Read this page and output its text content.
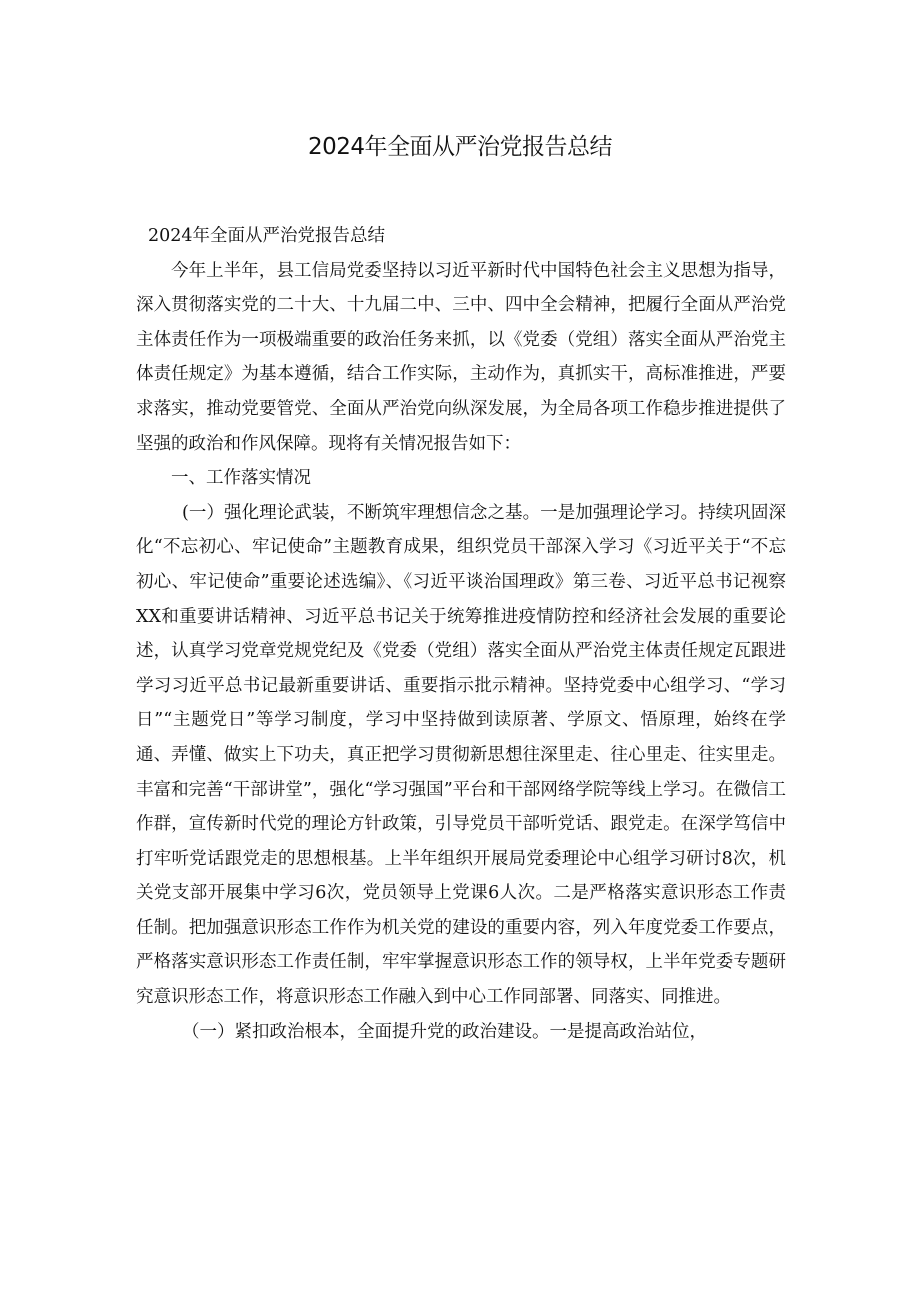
2024年全面从严治党报告总结

2024年全面从严治党报告总结

今年上半年，县工信局党委坚持以习近平新时代中国特色社会主义思想为指导，深入贯彻落实党的二十大、十九届二中、三中、四中全会精神，把履行全面从严治党主体责任作为一项极端重要的政治任务来抓，以《党委（党组）落实全面从严治党主体责任规定》为基本遵循，结合工作实际，主动作为，真抓实干，高标准推进，严要求落实，推动党要管党、全面从严治党向纵深发展，为全局各项工作稳步推进提供了坚强的政治和作风保障。现将有关情况报告如下：

一、工作落实情况

(一）强化理论武装，不断筑牢理想信念之基。一是加强理论学习。持续巩固深化“不忘初心、牢记使命”主题教育成果，组织党员干部深入学习《习近平关于“不忘初心、牢记使命”重要论述选编》、《习近平谈治国理政》第三卷、习近平总书记视察XX和重要讲话精神、习近平总书记关于统筹推进疫情防控和经济社会发展的重要论述，认真学习党章党规党纪及《党委（党组）落实全面从严治党主体责任规定瓦跟进学习习近平总书记最新重要讲话、重要指示批示精神。坚持党委中心组学习、“学习日”“主题党日”等学习制度，学习中坚持做到读原著、学原文、悟原理，始终在学通、弄懂、做实上下功夫，真正把学习贯彻新思想往深里走、往心里走、往实里走。丰富和完善“干部讲堂”，强化“学习强国”平台和干部网络学院等线上学习。在微信工作群，宣传新时代党的理论方针政策，引导党员干部听党话、跟党走。在深学笃信中打牢听党话跟党走的思想根基。上半年组织开展局党委理论中心组学习研讨8次，机关党支部开展集中学习6次，党员领导上党课6人次。二是严格落实意识形态工作责任制。把加强意识形态工作作为机关党的建设的重要内容，列入年度党委工作要点，严格落实意识形态工作责任制，牢牢掌握意识形态工作的领导权，上半年党委专题研究意识形态工作，将意识形态工作融入到中心工作同部署、同落实、同推进。

（一）紧扣政治根本，全面提升党的政治建设。一是提高政治站位，
